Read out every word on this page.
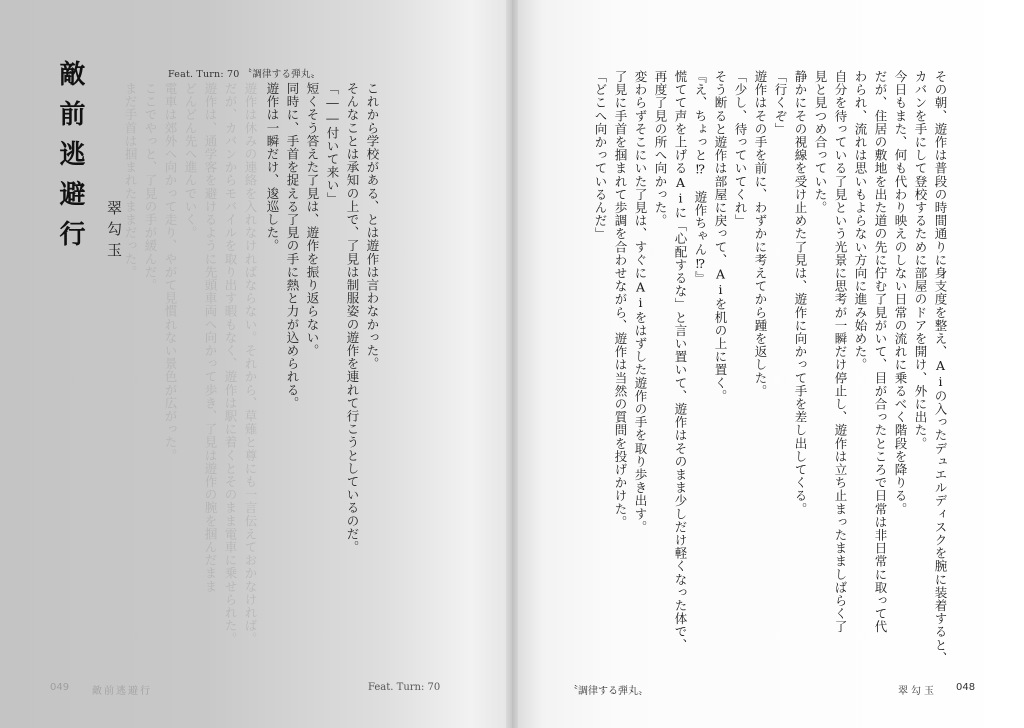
敵前逃避行 翠勾玉
Feat. Turn: 70 〝調律する弾丸〟
遊作は休みの連絡を入れなければならない。それから、草薙と尊にも一言伝えておかなければ。
だが、カバンからモバイルを取り出す暇もなく、遊作は駅に着くとそのまま電車に乗せられた。
遊作は、通学客を避けるように先頭車両へ向かって歩き、了見は遊作の腕を掴んだまま
どんどん先へ進んでいく。
電車は郊外へ向かって走り、やがて見慣れない景色が広がった。
ここでやっと、了見の手が緩んだ。
まだ手首は掴まれたままだった。	これから学校がある、とは遊作は言わなかった。
そんなことは承知の上で、了見は制服姿の遊作を連れて行こうとしているのだ。
「――付いて来い」
短くそう答えた了見は、遊作を振り返らない。
同時に、手首を捉える了見の手に熱と力が込められる。
遊作は一瞬だけ、逡巡した。
049 敵前逃避行	Feat. Turn: 70
その朝、遊作は普段の時間通りに身支度を整え、Aiの入ったデュエルディスクを腕に装着すると、
カバンを手にして登校するために部屋のドアを開け、外に出た。
今日もまた、何も代わり映えのしない日常の流れに乗るべく階段を降りる。
だが、住居の敷地を出た道の先に佇む了見がいて、目が合ったところで日常は非日常に取って代
わられ、流れは思いもよらない方向に進み始めた。
自分を待っている了見という光景に思考が一瞬だけ停止し、遊作は立ち止まったまましばらく了
見と見つめ合っていた。
静かにその視線を受け止めた了見は、遊作に向かって手を差し出してくる。
「行くぞ」
遊作はその手を前に、わずかに考えてから踵を返した。
「少し、待っていてくれ」
そう断ると遊作は部屋に戻って、Aiを机の上に置く。
『え、ちょっと⁉　遊作ちゃん⁉』
慌てて声を上げるAiに「心配するな」と言い置いて、遊作はそのまま少しだけ軽くなった体で、
再度了見の所へ向かった。
変わらずそこにいた了見は、すぐにAiをはずした遊作の手を取り歩き出す。
了見に手首を掴まれて歩調を合わせながら、遊作は当然の質問を投げかけた。
「どこへ向かっているんだ」
〝調律する弾丸〟	翠勾玉 048
